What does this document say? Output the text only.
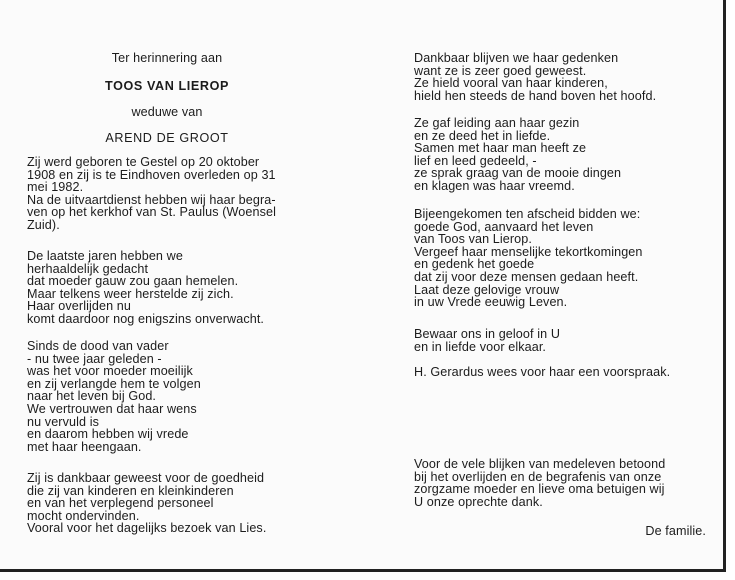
Ter herinnering aan
TOOS VAN LIEROP
weduwe van
AREND DE GROOT
Zij werd geboren te Gestel op 20 oktober
1908 en zij is te Eindhoven overleden op 31
mei 1982.
Na de uitvaartdienst hebben wij haar begra-
ven op het kerkhof van St. Paulus (Woensel
Zuid).
De laatste jaren hebben we
herhaaldelijk gedacht
dat moeder gauw zou gaan hemelen.
Maar telkens weer herstelde zij zich.
Haar overlijden nu
komt daardoor nog enigszins onverwacht.
Sinds de dood van vader
- nu twee jaar geleden -
was het voor moeder moeilijk
en zij verlangde hem te volgen
naar het leven bij God.
We vertrouwen dat haar wens
nu vervuld is
en daarom hebben wij vrede
met haar heengaan.
Zij is dankbaar geweest voor de goedheid
die zij van kinderen en kleinkinderen
en van het verplegend personeel
mocht ondervinden.
Vooral voor het dagelijks bezoek van Lies.
Dankbaar blijven we haar gedenken
want ze is zeer goed geweest.
Ze hield vooral van haar kinderen,
hield hen steeds de hand boven het hoofd.
Ze gaf leiding aan haar gezin
en ze deed het in liefde.
Samen met haar man heeft ze
lief en leed gedeeld, -
ze sprak graag van de mooie dingen
en klagen was haar vreemd.
Bijeengekomen ten afscheid bidden we:
goede God, aanvaard het leven
van Toos van Lierop.
Vergeef haar menselijke tekortkomingen
en gedenk het goede
dat zij voor deze mensen gedaan heeft.
Laat deze gelovige vrouw
in uw Vrede eeuwig Leven.
Bewaar ons in geloof in U
en in liefde voor elkaar.
H. Gerardus wees voor haar een voorspraak.
Voor de vele blijken van medeleven betoond
bij het overlijden en de begrafenis van onze
zorgzame moeder en lieve oma betuigen wij
U onze oprechte dank.
De familie.
